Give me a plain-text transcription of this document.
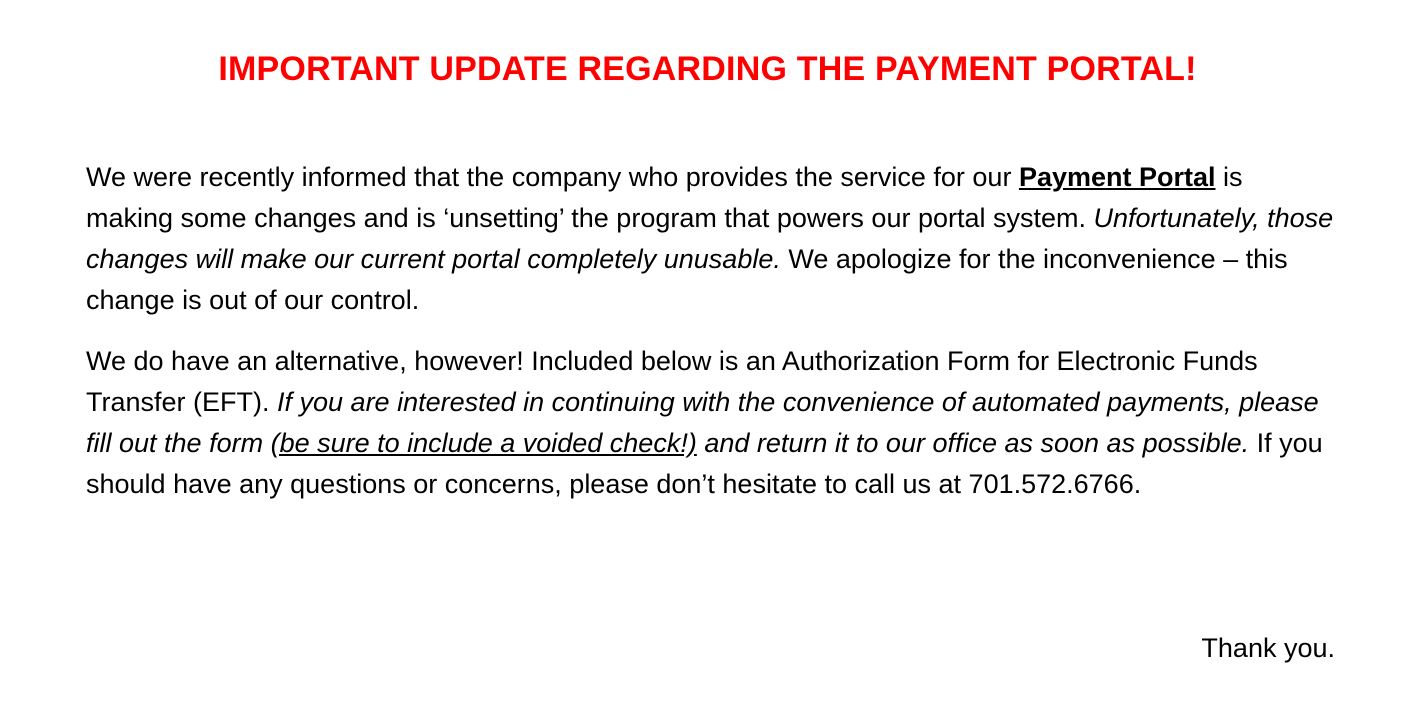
IMPORTANT UPDATE REGARDING THE PAYMENT PORTAL!

We were recently informed that the company who provides the service for our Payment Portal is making some changes and is ‘unsetting’ the program that powers our portal system. Unfortunately, those changes will make our current portal completely unusable. We apologize for the inconvenience – this change is out of our control.

We do have an alternative, however! Included below is an Authorization Form for Electronic Funds Transfer (EFT). If you are interested in continuing with the convenience of automated payments, please fill out the form (be sure to include a voided check!) and return it to our office as soon as possible. If you should have any questions or concerns, please don’t hesitate to call us at 701.572.6766.

Thank you.
